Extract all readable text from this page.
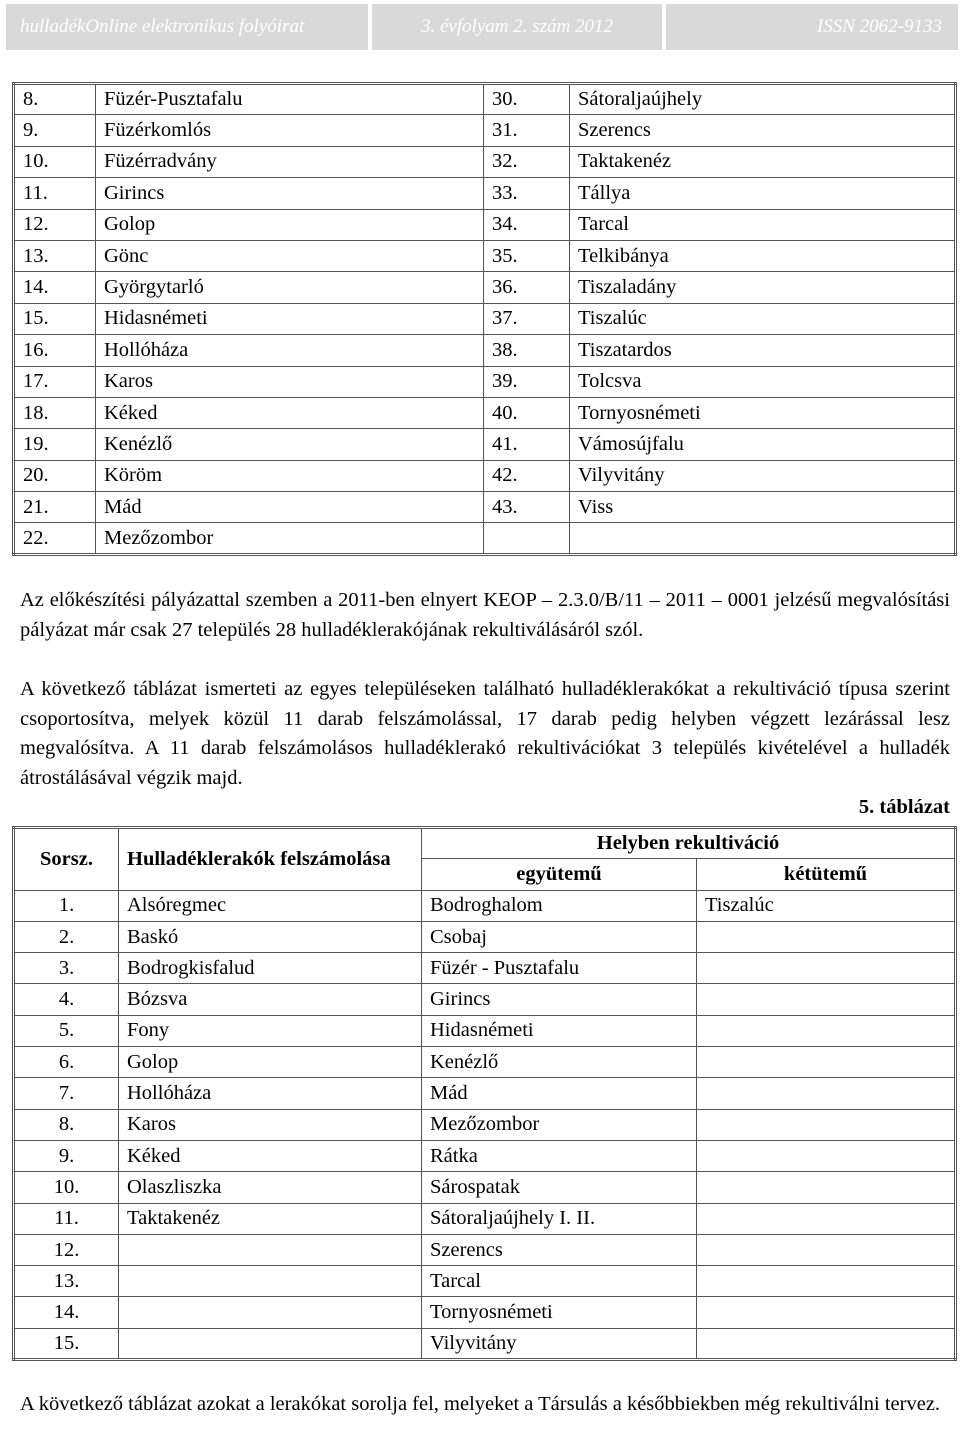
hulladékOnline elektronikus folyóirat	3. évfolyam 2. szám 2012	ISSN 2062-9133
8.	Füzér-Pusztafalu	30.	Sátoraljaújhely
9.	Füzérkomlós	31.	Szerencs
10.	Füzérradvány	32.	Taktakenéz
11.	Girincs	33.	Tállya
12.	Golop	34.	Tarcal
13.	Gönc	35.	Telkibánya
14.	Györgytarló	36.	Tiszaladány
15.	Hidasnémeti	37.	Tiszalúc
16.	Hollóháza	38.	Tiszatardos
17.	Karos	39.	Tolcsva
18.	Kéked	40.	Tornyosnémeti
19.	Kenézlő	41.	Vámosújfalu
20.	Köröm	42.	Vilyvitány
21.	Mád	43.	Viss
22.	Mezőzombor		

Az előkészítési pályázattal szemben a 2011-ben elnyert KEOP – 2.3.0/B/11 – 2011 – 0001 jelzésű megvalósítási pályázat már csak 27 település 28 hulladéklerakójának rekultiválásáról szól.

A következő táblázat ismerteti az egyes településeken található hulladéklerakókat a rekultiváció típusa szerint csoportosítva, melyek közül 11 darab felszámolással, 17 darab pedig helyben végzett lezárással lesz megvalósítva. A 11 darab felszámolásos hulladéklerakó rekultivációkat 3 település kivételével a hulladék átrostálásával végzik majd.

5. táblázat
Sorsz.	Hulladéklerakók felszámolása	Helyben rekultiváció	
		együtemű	kétütemű
1.	Alsóregmec	Bodroghalom	Tiszalúc
2.	Baskó	Csobaj	
3.	Bodrogkisfalud	Füzér - Pusztafalu	
4.	Bózsva	Girincs	
5.	Fony	Hidasnémeti	
6.	Golop	Kenézlő	
7.	Hollóháza	Mád	
8.	Karos	Mezőzombor	
9.	Kéked	Rátka	
10.	Olaszliszka	Sárospatak	
11.	Taktakenéz	Sátoraljaújhely I. II.	
12.		Szerencs	
13.		Tarcal	
14.		Tornyosnémeti	
15.		Vilyvitány	

A következő táblázat azokat a lerakókat sorolja fel, melyeket a Társulás a későbbiekben még rekultiválni tervez.
